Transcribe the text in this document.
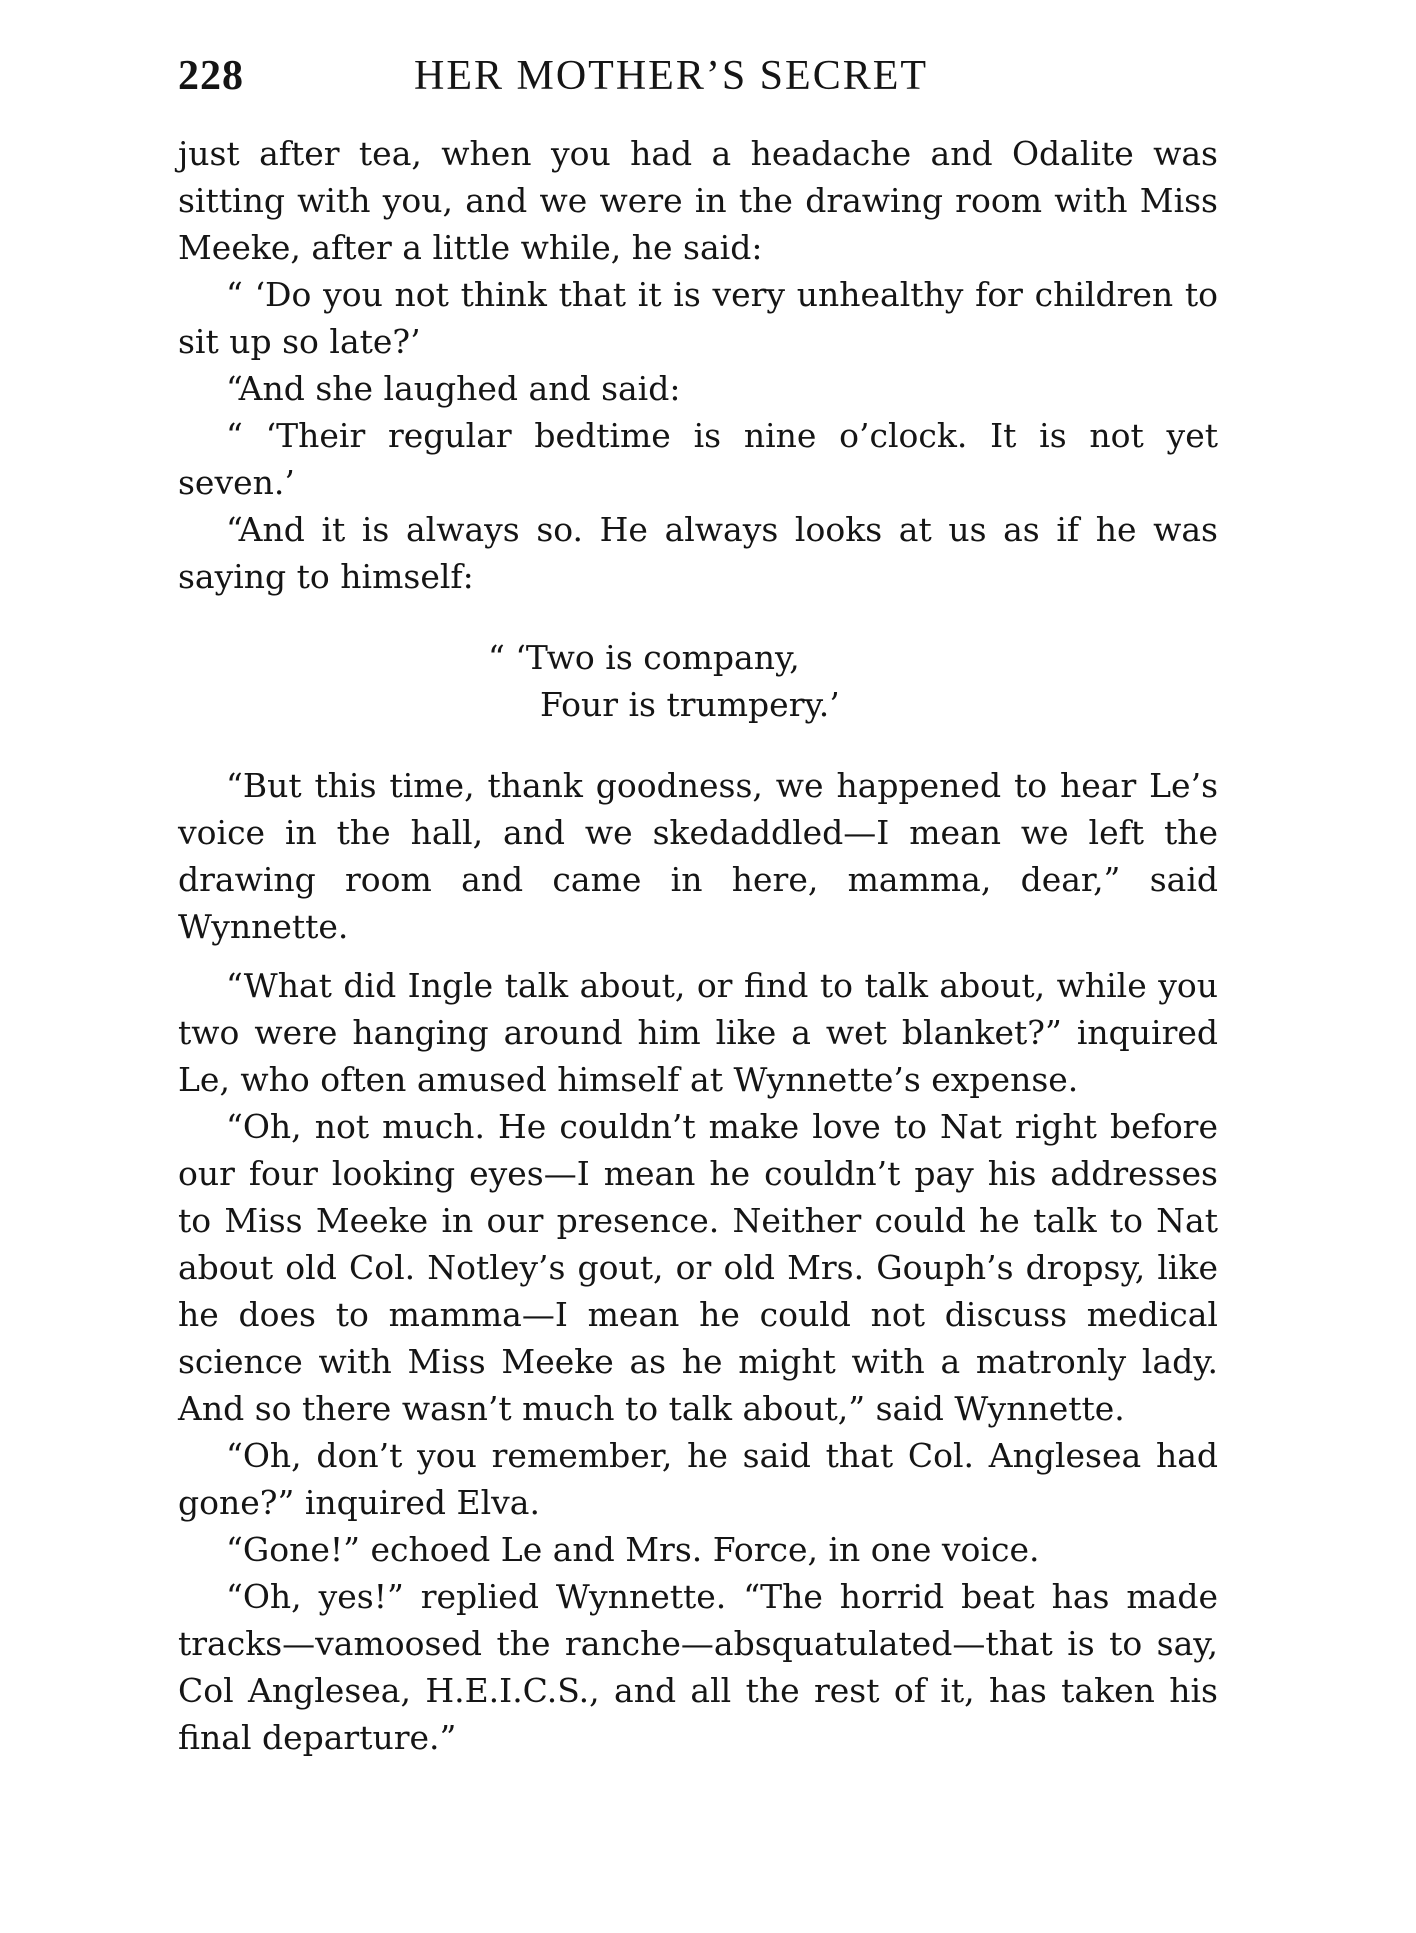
228	HER MOTHER’S SECRET

just after tea, when you had a headache and Odalite was sitting with you, and we were in the drawing room with Miss Meeke, after a little while, he said:

“ ‘Do you not think that it is very unhealthy for children to sit up so late?’

“And she laughed and said:

“ ‘Their regular bedtime is nine o’clock. It is not yet seven.’

“And it is always so. He always looks at us as if he was saying to himself:

“ ‘Two is company,
Four is trumpery.’

“But this time, thank goodness, we happened to hear Le’s voice in the hall, and we skedaddled—I mean we left the drawing room and came in here, mamma, dear,” said Wynnette.

“What did Ingle talk about, or find to talk about, while you two were hanging around him like a wet blanket?” inquired Le, who often amused himself at Wynnette’s expense.

“Oh, not much. He couldn’t make love to Nat right before our four looking eyes—I mean he couldn’t pay his addresses to Miss Meeke in our presence. Neither could he talk to Nat about old Col. Notley’s gout, or old Mrs. Gouph’s dropsy, like he does to mamma—I mean he could not discuss medical science with Miss Meeke as he might with a matronly lady. And so there wasn’t much to talk about,” said Wynnette.

“Oh, don’t you remember, he said that Col. Anglesea had gone?” inquired Elva.

“Gone!” echoed Le and Mrs. Force, in one voice.

“Oh, yes!” replied Wynnette. “The horrid beat has made tracks—vamoosed the ranche—absquatulated—that is to say, Col Anglesea, H.E.I.C.S., and all the rest of it, has taken his final departure.”
